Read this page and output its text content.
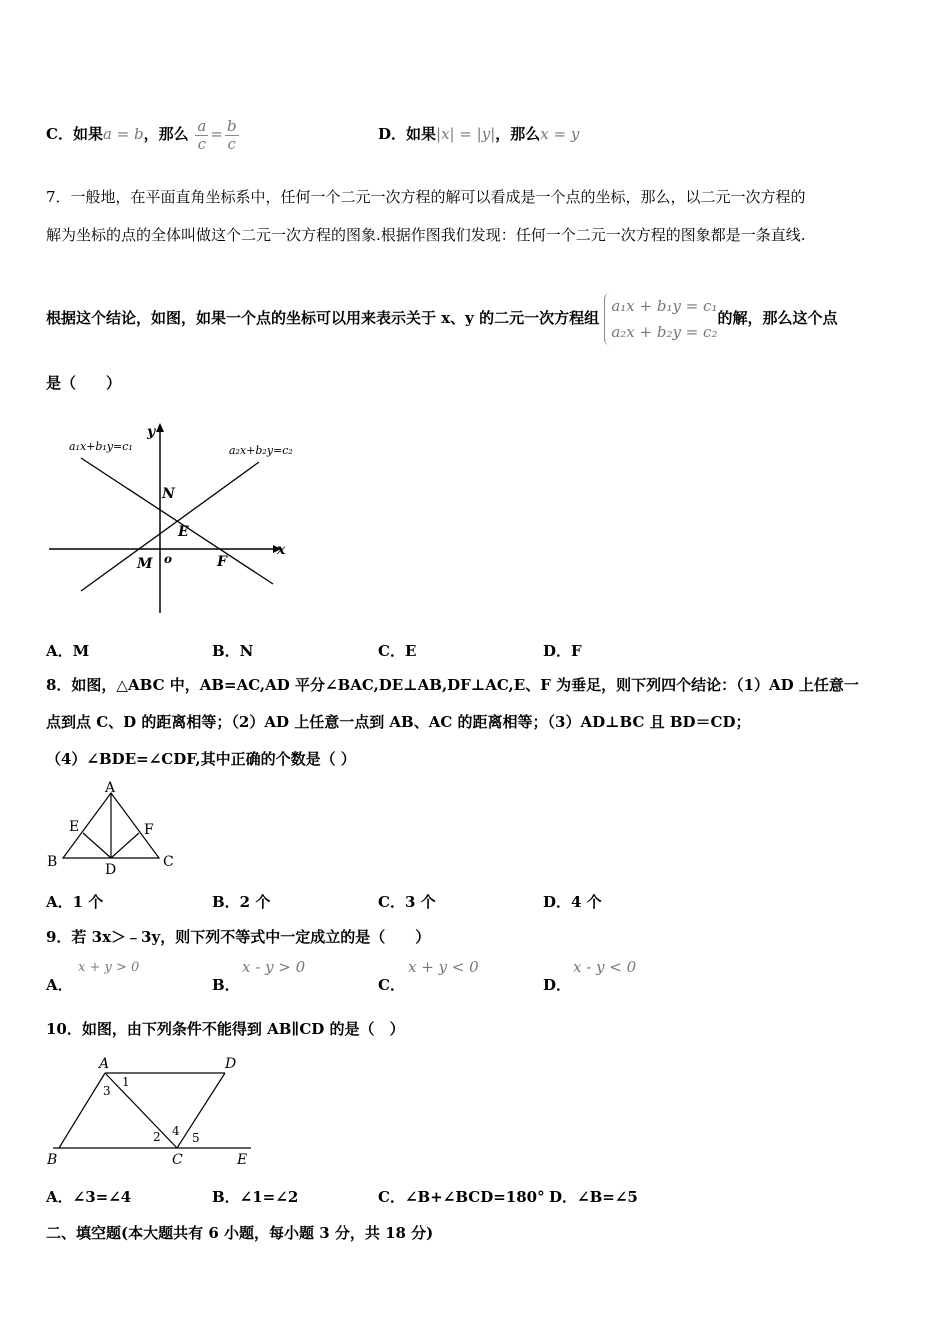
C．如果a = b，那么 $\frac{a}{c} = \frac{b}{c}$	D．如果|x| = |y|，那么x = y
7．一般地，在平面直角坐标系中，任何一个二元一次方程的解可以看成是一个点的坐标，那么，以二元一次方程的
解为坐标的点的全体叫做这个二元一次方程的图象.根据作图我们发现：任何一个二元一次方程的图象都是一条直线.
根据这个结论，如图，如果一个点的坐标可以用来表示关于 x、y 的二元一次方程组
a₁x + b₁y = c₁
a₂x + b₂y = c₂
的解，那么这个点
是（　　）
a₁x+b₁y=c₁	a₂x+b₂y=c₂
y
x
N
E
M o	F
A．M	B．N	C．E	D．F
8．如图，△ABC 中，AB=AC,AD 平分∠BAC,DE⊥AB,DF⊥AC,E、F 为垂足，则下列四个结论：（1）AD 上任意一
点到点 C、D 的距离相等；（2）AD 上任意一点到 AB、AC 的距离相等；（3）AD⊥BC 且 BD＝CD；
（4）∠BDE=∠CDF,其中正确的个数是（ ）
A
B	C
D
E	F
A．1 个	B．2 个	C．3 个	D．4 个
9．若 3x＞﹣3y，则下列不等式中一定成立的是（　　）
A．
x + y > 0
B．
x - y > 0
C．
x + y < 0
D．
x - y < 0
10．如图，由下列条件不能得到 AB∥CD 的是（　）
A	D
B	C	E
1
3
2 4 5
A．∠3=∠4	B．∠1=∠2	C．∠B+∠BCD=180° D．∠B=∠5
二、填空题(本大题共有 6 小题，每小题 3 分，共 18 分)
